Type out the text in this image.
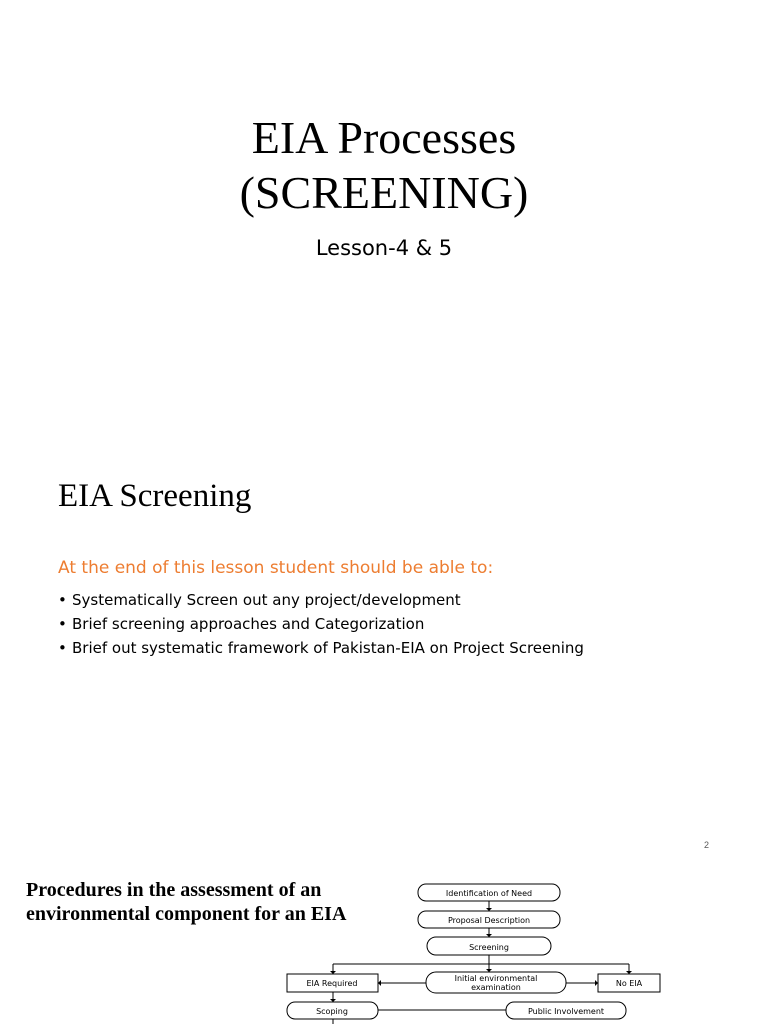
EIA Processes
(SCREENING)

Lesson-4 & 5

EIA Screening

At the end of this lesson student should be able to:

• Systematically Screen out any project/development
• Brief screening approaches and Categorization
• Brief out systematic framework of Pakistan-EIA on Project Screening
2
Procedures in the assessment of an environmental component for an EIA
Identification of Need
Proposal Description
Screening
EIA Required
Initial environmental
examination	No EIA
Scoping	Public Involvement
